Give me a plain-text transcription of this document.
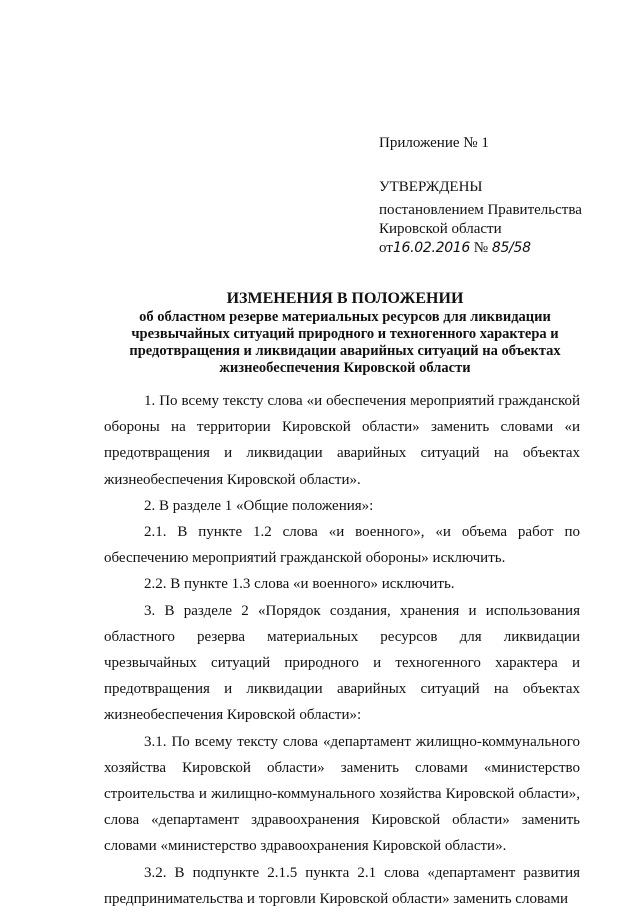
Приложение № 1
УТВЕРЖДЕНЫ
постановлением Правительства
Кировской области
от16.02.2016 № 85/58
ИЗМЕНЕНИЯ В ПОЛОЖЕНИИ
об областном резерве материальных ресурсов для ликвидации
чрезвычайных ситуаций природного и техногенного характера и
предотвращения и ликвидации аварийных ситуаций на объектах
жизнеобеспечения Кировской области

1. По всему тексту слова «и обеспечения мероприятий гражданской обороны на территории Кировской области» заменить словами «и предотвращения и ликвидации аварийных ситуаций на объектах жизнеобеспечения Кировской области».

2. В разделе 1 «Общие положения»:

2.1. В пункте 1.2 слова «и военного», «и объема работ по обеспечению мероприятий гражданской обороны» исключить.

2.2. В пункте 1.3 слова «и военного» исключить.

3. В разделе 2 «Порядок создания, хранения и использования областного резерва материальных ресурсов для ликвидации чрезвычайных ситуаций природного и техногенного характера и предотвращения и ликвидации аварийных ситуаций на объектах жизнеобеспечения Кировской области»:

3.1. По всему тексту слова «департамент жилищно-коммунального хозяйства Кировской области» заменить словами «министерство строительства и жилищно-коммунального хозяйства Кировской области», слова «департамент здравоохранения Кировской области» заменить словами «министерство здравоохранения Кировской области».

3.2. В подпункте 2.1.5 пункта 2.1 слова «департамент развития предпринимательства и торговли Кировской области» заменить словами
